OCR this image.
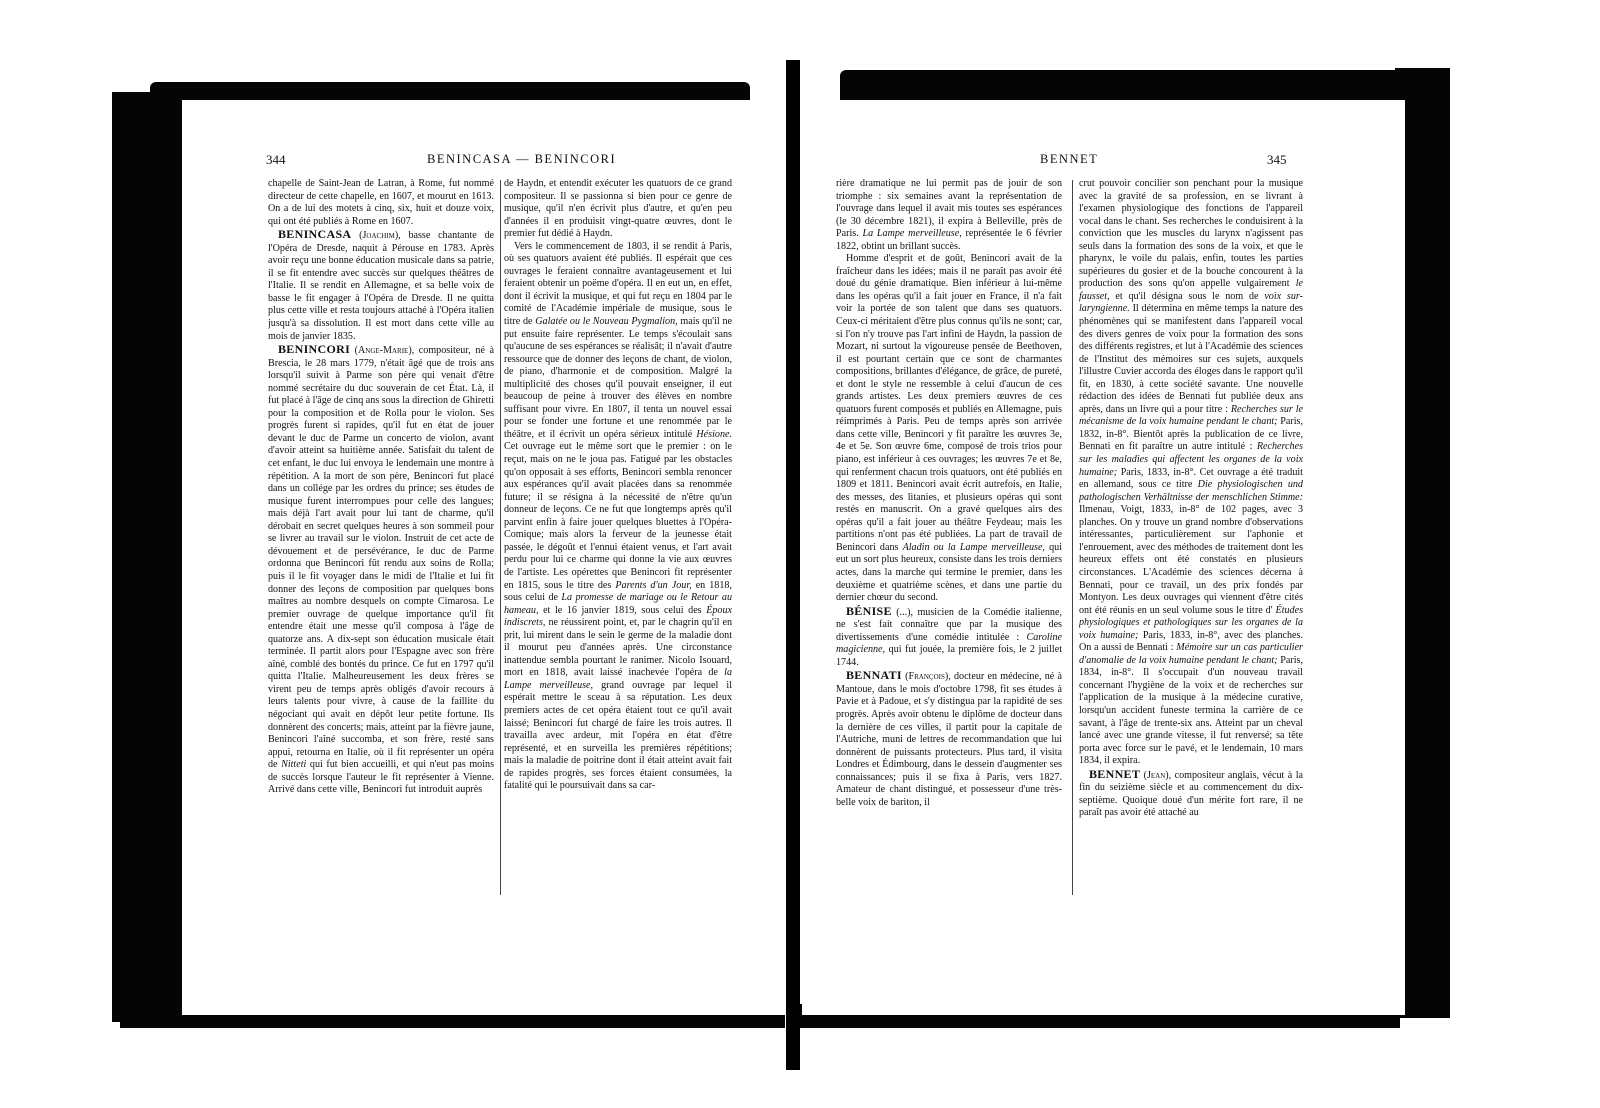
344	BENINCASA — BENINCORI

chapelle de Saint-Jean de Latran, à Rome, fut nommé directeur de cette chapelle, en 1607, et mourut en 1613. On a de lui des motets à cinq, six, huit et douze voix, qui ont été publiés à Rome en 1607.

BENINCASA (Joachim), basse chantante de l'Opéra de Dresde, naquit à Pérouse en 1783. Après avoir reçu une bonne éducation musicale dans sa patrie, il se fit entendre avec succès sur quelques théâtres de l'Italie. Il se rendit en Allemagne, et sa belle voix de basse le fit engager à l'Opéra de Dresde. Il ne quitta plus cette ville et resta toujours attaché à l'Opéra italien jusqu'à sa dissolution. Il est mort dans cette ville au mois de janvier 1835.

BENINCORI (Ange-Marie), compositeur, né à Brescia, le 28 mars 1779, n'était âgé que de trois ans lorsqu'il suivit à Parme son père qui venait d'être nommé secrétaire du duc souverain de cet État. Là, il fut placé à l'âge de cinq ans sous la direction de Ghiretti pour la composition et de Rolla pour le violon. Ses progrès furent si rapides, qu'il fut en état de jouer devant le duc de Parme un concerto de violon, avant d'avoir atteint sa huitième année. Satisfait du talent de cet enfant, le duc lui envoya le lendemain une montre à répétition. A la mort de son père, Benincori fut placé dans un collége par les ordres du prince; ses études de musique furent interrompues pour celle des langues; mais déjà l'art avait pour lui tant de charme, qu'il dérobait en secret quelques heures à son sommeil pour se livrer au travail sur le violon. Instruit de cet acte de dévouement et de persévérance, le duc de Parme ordonna que Benincori fût rendu aux soins de Rolla; puis il le fit voyager dans le midi de l'Italie et lui fit donner des leçons de composition par quelques bons maîtres au nombre desquels on compte Cimarosa. Le premier ouvrage de quelque importance qu'il fit entendre était une messe qu'il composa à l'âge de quatorze ans. A dix-sept son éducation musicale était terminée. Il partit alors pour l'Espagne avec son frère aîné, comblé des bontés du prince. Ce fut en 1797 qu'il quitta l'Italie. Malheureusement les deux frères se virent peu de temps après obligés d'avoir recours à leurs talents pour vivre, à cause de la faillite du négociant qui avait en dépôt leur petite fortune. Ils donnèrent des concerts; mais, atteint par la fièvre jaune, Benincori l'aîné succomba, et son frère, resté sans appui, retourna en Italie, où il fit représenter un opéra de Nitteti qui fut bien accueilli, et qui n'eut pas moins de succès lorsque l'auteur le fit représenter à Vienne. Arrivé dans cette ville, Benincori fut introduit auprès

de Haydn, et entendit exécuter les quatuors de ce grand compositeur. Il se passionna si bien pour ce genre de musique, qu'il n'en écrivit plus d'autre, et qu'en peu d'années il en produisit vingt-quatre œuvres, dont le premier fut dédié à Haydn.

Vers le commencement de 1803, il se rendit à Paris, où ses quatuors avaient été publiés. Il espérait que ces ouvrages le feraient connaître avantageusement et lui feraient obtenir un poëme d'opéra. Il en eut un, en effet, dont il écrivit la musique, et qui fut reçu en 1804 par le comité de l'Académie impériale de musique, sous le titre de Galatée ou le Nouveau Pygmalion, mais qu'il ne put ensuite faire représenter. Le temps s'écoulait sans qu'aucune de ses espérances se réalisât; il n'avait d'autre ressource que de donner des leçons de chant, de violon, de piano, d'harmonie et de composition. Malgré la multiplicité des choses qu'il pouvait enseigner, il eut beaucoup de peine à trouver des élèves en nombre suffisant pour vivre. En 1807, il tenta un nouvel essai pour se fonder une fortune et une renommée par le théâtre, et il écrivit un opéra sérieux intitulé Hésione. Cet ouvrage eut le même sort que le premier : on le reçut, mais on ne le joua pas. Fatigué par les obstacles qu'on opposait à ses efforts, Benincori sembla renoncer aux espérances qu'il avait placées dans sa renommée future; il se résigna à la nécessité de n'être qu'un donneur de leçons. Ce ne fut que longtemps après qu'il parvint enfin à faire jouer quelques bluettes à l'Opéra-Comique; mais alors la ferveur de la jeunesse était passée, le dégoût et l'ennui étaient venus, et l'art avait perdu pour lui ce charme qui donne la vie aux œuvres de l'artiste. Les opérettes que Benincori fit représenter en 1815, sous le titre des Parents d'un Jour, en 1818, sous celui de La promesse de mariage ou le Retour au hameau, et le 16 janvier 1819, sous celui des Époux indiscrets, ne réussirent point, et, par le chagrin qu'il en prit, lui mirent dans le sein le germe de la maladie dont il mourut peu d'années après. Une circonstance inattendue sembla pourtant le ranimer. Nicolo Isouard, mort en 1818, avait laissé inachevée l'opéra de la Lampe merveilleuse, grand ouvrage par lequel il espérait mettre le sceau à sa réputation. Les deux premiers actes de cet opéra étaient tout ce qu'il avait laissé; Benincori fut chargé de faire les trois autres. Il travailla avec ardeur, mit l'opéra en état d'être représenté, et en surveilla les premières répétitions; mais la maladie de poitrine dont il était atteint avait fait de rapides progrès, ses forces étaient consumées, la fatalité qui le poursuivait dans sa car-

BENNET	345

rière dramatique ne lui permit pas de jouir de son triomphe : six semaines avant la représentation de l'ouvrage dans lequel il avait mis toutes ses espérances (le 30 décembre 1821), il expira à Belleville, près de Paris. La Lampe merveilleuse, représentée le 6 février 1822, obtint un brillant succès.

Homme d'esprit et de goût, Benincori avait de la fraîcheur dans les idées; mais il ne paraît pas avoir été doué du génie dramatique. Bien inférieur à lui-même dans les opéras qu'il a fait jouer en France, il n'a fait voir la portée de son talent que dans ses quatuors. Ceux-ci méritaient d'être plus connus qu'ils ne sont; car, si l'on n'y trouve pas l'art infini de Haydn, la passion de Mozart, ni surtout la vigoureuse pensée de Beethoven, il est pourtant certain que ce sont de charmantes compositions, brillantes d'élégance, de grâce, de pureté, et dont le style ne ressemble à celui d'aucun de ces grands artistes. Les deux premiers œuvres de ces quatuors furent composés et publiés en Allemagne, puis réimprimés à Paris. Peu de temps après son arrivée dans cette ville, Benincori y fit paraître les œuvres 3e, 4e et 5e. Son œuvre 6me, composé de trois trios pour piano, est inférieur à ces ouvrages; les œuvres 7e et 8e, qui renferment chacun trois quatuors, ont été publiés en 1809 et 1811. Benincori avait écrit autrefois, en Italie, des messes, des litanies, et plusieurs opéras qui sont restés en manuscrit. On a gravé quelques airs des opéras qu'il a fait jouer au théâtre Feydeau; mais les partitions n'ont pas été publiées. La part de travail de Benincori dans Aladin ou la Lampe merveilleuse, qui eut un sort plus heureux, consiste dans les trois derniers actes, dans la marche qui termine le premier, dans les deuxième et quatrième scènes, et dans une partie du dernier chœur du second.

BÉNISE (...), musicien de la Comédie italienne, ne s'est fait connaître que par la musique des divertissements d'une comédie intitulée : Caroline magicienne, qui fut jouée, la première fois, le 2 juillet 1744.

BENNATI (François), docteur en médecine, né à Mantoue, dans le mois d'octobre 1798, fit ses études à Pavie et à Padoue, et s'y distingua par la rapidité de ses progrès. Après avoir obtenu le diplôme de docteur dans la dernière de ces villes, il partit pour la capitale de l'Autriche, muni de lettres de recommandation que lui donnèrent de puissants protecteurs. Plus tard, il visita Londres et Édimbourg, dans le dessein d'augmenter ses connaissances; puis il se fixa à Paris, vers 1827. Amateur de chant distingué, et possesseur d'une très-belle voix de bariton, il

crut pouvoir concilier son penchant pour la musique avec la gravité de sa profession, en se livrant à l'examen physiologique des fonctions de l'appareil vocal dans le chant. Ses recherches le conduisirent à la conviction que les muscles du larynx n'agissent pas seuls dans la formation des sons de la voix, et que le pharynx, le voile du palais, enfin, toutes les parties supérieures du gosier et de la bouche concourent à la production des sons qu'on appelle vulgairement le fausset, et qu'il désigna sous le nom de voix sur-laryngienne. Il détermina en même temps la nature des phénomènes qui se manifestent dans l'appareil vocal des divers genres de voix pour la formation des sons des différents registres, et lut à l'Académie des sciences de l'Institut des mémoires sur ces sujets, auxquels l'illustre Cuvier accorda des éloges dans le rapport qu'il fit, en 1830, à cette société savante. Une nouvelle rédaction des idées de Bennati fut publiée deux ans après, dans un livre qui a pour titre : Recherches sur le mécanisme de la voix humaine pendant le chant; Paris, 1832, in-8°. Bientôt après la publication de ce livre, Bennati en fit paraître un autre intitulé : Recherches sur les maladies qui affectent les organes de la voix humaine; Paris, 1833, in-8°. Cet ouvrage a été traduit en allemand, sous ce titre Die physiologischen und pathologischen Verhältnisse der menschlichen Stimme: Ilmenau, Voigt, 1833, in-8° de 102 pages, avec 3 planches. On y trouve un grand nombre d'observations intéressantes, particulièrement sur l'aphonie et l'enrouement, avec des méthodes de traitement dont les heureux effets ont été constatés en plusieurs circonstances. L'Académie des sciences décerna à Bennati, pour ce travail, un des prix fondés par Montyon. Les deux ouvrages qui viennent d'être cités ont été réunis en un seul volume sous le titre d' Études physiologiques et pathologiques sur les organes de la voix humaine; Paris, 1833, in-8°, avec des planches. On a aussi de Bennati : Mémoire sur un cas particulier d'anomalie de la voix humaine pendant le chant; Paris, 1834, in-8°. Il s'occupait d'un nouveau travail concernant l'hygiène de la voix et de recherches sur l'application de la musique à la médecine curative, lorsqu'un accident funeste termina la carrière de ce savant, à l'âge de trente-six ans. Atteint par un cheval lancé avec une grande vitesse, il fut renversé; sa tête porta avec force sur le pavé, et le lendemain, 10 mars 1834, il expira.

BENNET (Jean), compositeur anglais, vécut à la fin du seizième siècle et au commencement du dix-septième. Quoique doué d'un mérite fort rare, il ne paraît pas avoir été attaché au
